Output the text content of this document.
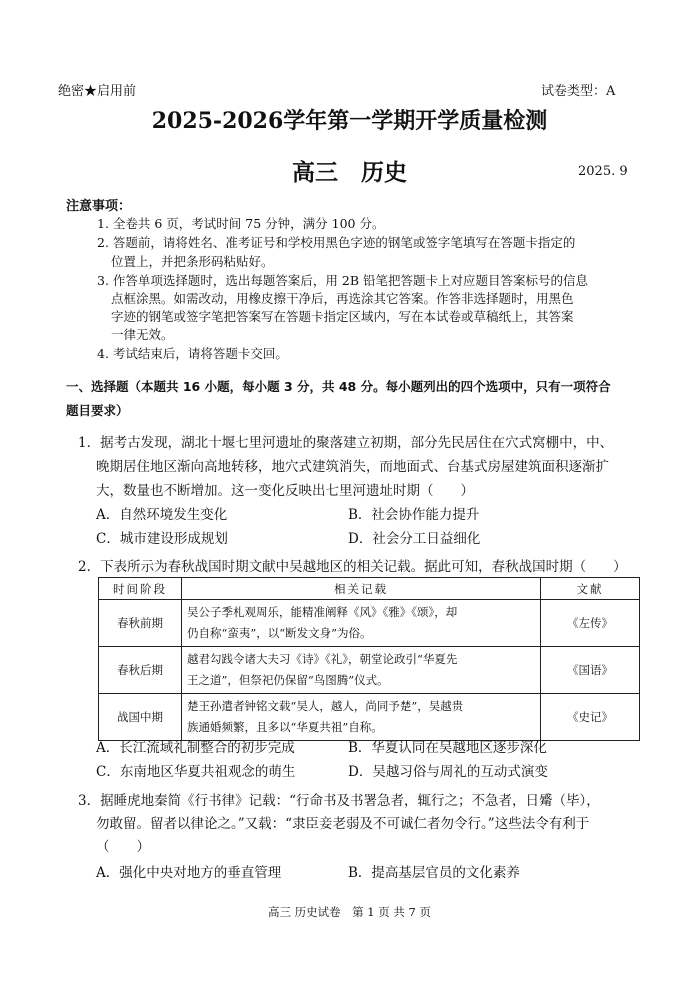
绝密★启用前	试卷类型：A
2025-2026学年第一学期开学质量检测
高三　历史	2025. 9
注意事项：
1. 全卷共 6 页，考试时间 75 分钟，满分 100 分。
2. 答题前，请将姓名、准考证号和学校用黑色字迹的钢笔或签字笔填写在答题卡指定的
位置上，并把条形码粘贴好。
3. 作答单项选择题时，选出每题答案后，用 2B 铅笔把答题卡上对应题目答案标号的信息
点框涂黑。如需改动，用橡皮擦干净后，再选涂其它答案。作答非选择题时，用黑色
字迹的钢笔或签字笔把答案写在答题卡指定区域内，写在本试卷或草稿纸上，其答案
一律无效。
4. 考试结束后，请将答题卡交回。
一、选择题（本题共 16 小题，每小题 3 分，共 48 分。每小题列出的四个选项中，只有一项符合
题目要求）
1．据考古发现，湖北十堰七里河遗址的聚落建立初期，部分先民居住在穴式窝棚中，中、
晚期居住地区渐向高地转移，地穴式建筑消失，而地面式、台基式房屋建筑面积逐渐扩
大，数量也不断增加。这一变化反映出七里河遗址时期（　　）
A．自然环境发生变化	B．社会协作能力提升
C．城市建设形成规划	D．社会分工日益细化
2．下表所示为春秋战国时期文献中吴越地区的相关记载。据此可知，春秋战国时期（　　）
时间阶段	相关记载	文献
春秋前期	吴公子季札观周乐，能精准阐释《风》《雅》《颂》，却
仍自称“蛮夷”，以“断发文身”为俗。	《左传》
春秋后期	越君勾践令诸大夫习《诗》《礼》，朝堂论政引“华夏先
王之道”，但祭祀仍保留“鸟图腾”仪式。	《国语》
战国中期	楚王孙遣者钟铭文载“吴人，越人，尚同予楚”，吴越贵
族通婚频繁，且多以“华夏共祖”自称。	《史记》
A．长江流域礼制整合的初步完成	B．华夏认同在吴越地区逐步深化
C．东南地区华夏共祖观念的萌生	D．吴越习俗与周礼的互动式演变
3．据睡虎地秦简《行书律》记载：“行命书及书署急者，辄行之；不急者，日觱（毕），
勿敢留。留者以律论之。”又载：“隶臣妾老弱及不可诚仁者勿令行。”这些法令有利于
（　　）
A．强化中央对地方的垂直管理	B．提高基层官员的文化素养
高三 历史试卷　第 1 页 共 7 页
